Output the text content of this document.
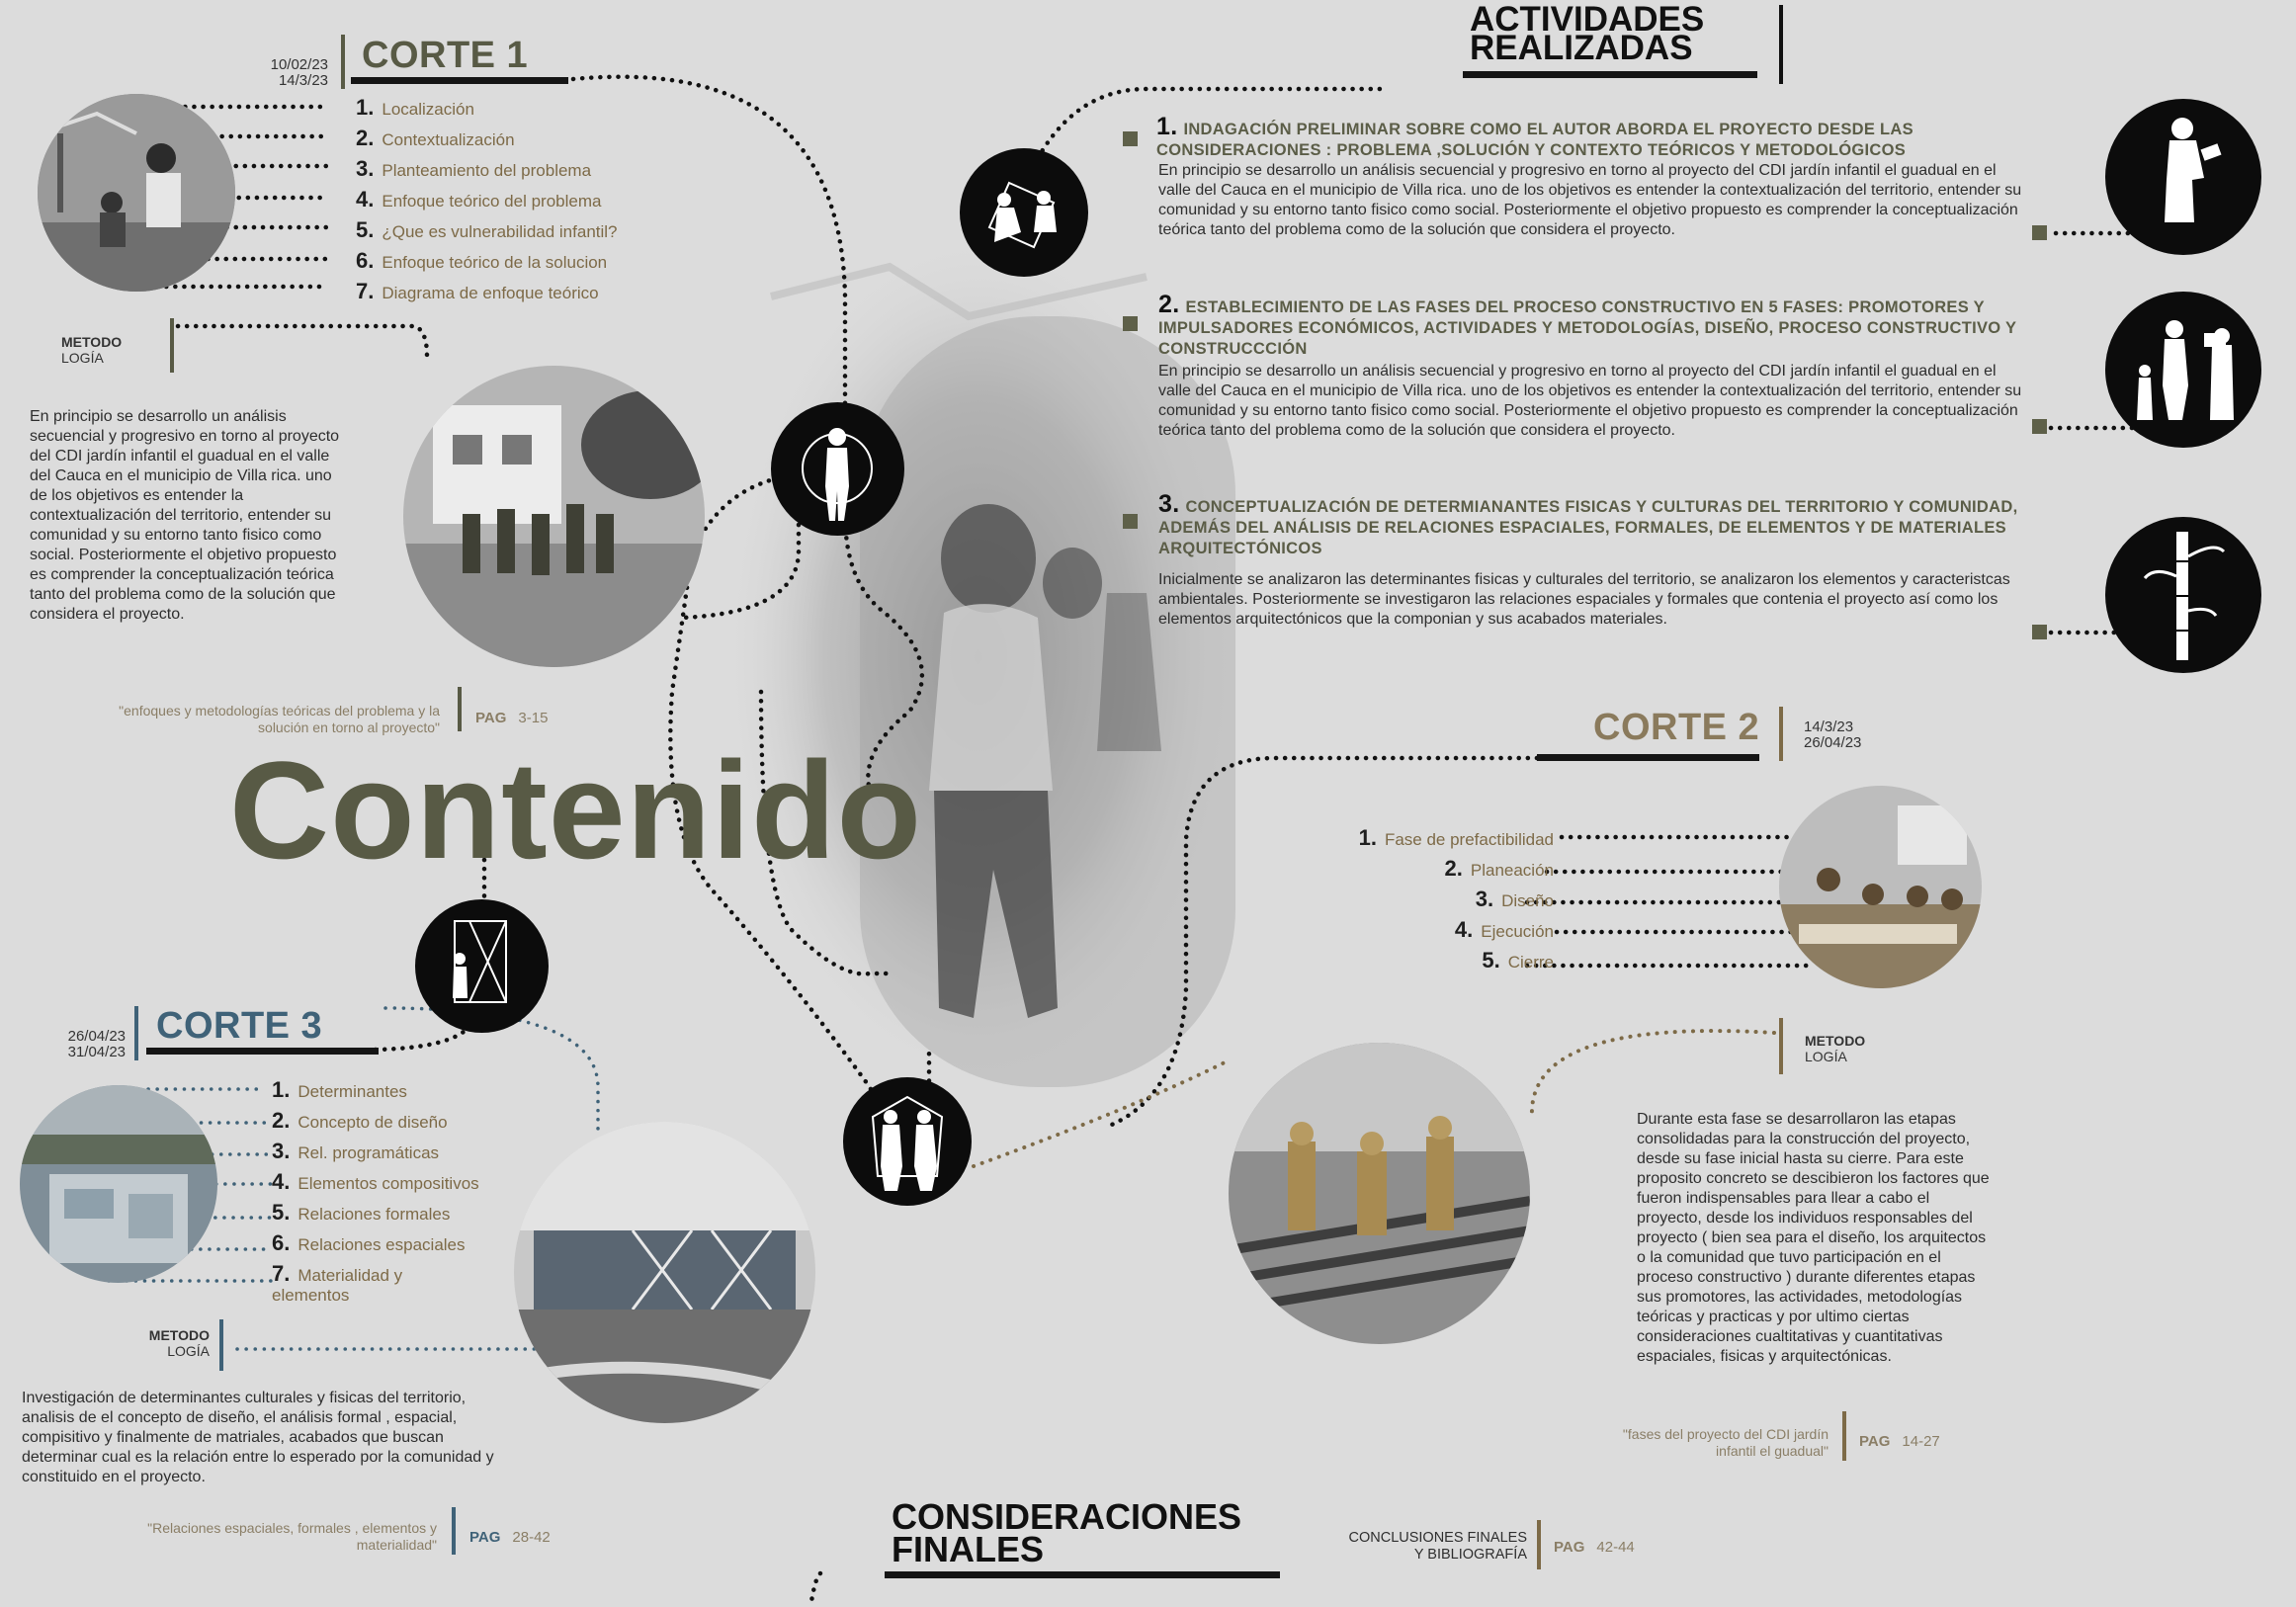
Contenido
10/02/23
14/3/23
CORTE 1
1. Localización
2. Contextualización
3. Planteamiento del problema
4. Enfoque teórico del problema
5. ¿Que es vulnerabilidad infantil?
6. Enfoque teórico de la solucion
7. Diagrama de enfoque teórico
METODO
LOGÍA
En principio se desarrollo un análisis secuencial y progresivo en torno al proyecto del CDI jardín infantil el guadual en el valle del Cauca en el municipio de Villa rica. uno de los objetivos es entender la contextualización del territorio, entender su comunidad y su entorno tanto fisico como social. Posteriormente el objetivo propuesto es comprender la conceptualización teórica tanto del problema como de la solución que considera el proyecto.
"enfoques y metodologías teóricas del problema y la solución en torno al proyecto"
PAG 3-15
ACTIVIDADES
REALIZADAS
1. INDAGACIÓN PRELIMINAR SOBRE COMO EL AUTOR ABORDA EL PROYECTO DESDE LAS CONSIDERACIONES : PROBLEMA ,SOLUCIÓN Y CONTEXTO TEÓRICOS Y METODOLÓGICOS
En principio se desarrollo un análisis secuencial y progresivo en torno al proyecto del CDI jardín infantil el guadual en el valle del Cauca en el municipio de Villa rica. uno de los objetivos es entender la contextualización del territorio, entender su comunidad y su entorno tanto fisico como social. Posteriormente el objetivo propuesto es comprender la conceptualización teórica tanto del problema como de la solución que considera el proyecto.
2. ESTABLECIMIENTO DE LAS FASES DEL PROCESO CONSTRUCTIVO EN 5 FASES: PROMOTORES Y IMPULSADORES ECONÓMICOS, ACTIVIDADES Y METODOLOGÍAS, DISEÑO, PROCESO CONSTRUCTIVO Y CONSTRUCCCIÓN
En principio se desarrollo un análisis secuencial y progresivo en torno al proyecto del CDI jardín infantil el guadual en el valle del Cauca en el municipio de Villa rica. uno de los objetivos es entender la contextualización del territorio, entender su comunidad y su entorno tanto fisico como social. Posteriormente el objetivo propuesto es comprender la conceptualización teórica tanto del problema como de la solución que considera el proyecto.
3. CONCEPTUALIZACIÓN DE DETERMIANANTES FISICAS Y CULTURAS DEL TERRITORIO Y COMUNIDAD, ADEMÁS DEL ANÁLISIS DE RELACIONES ESPACIALES, FORMALES, DE ELEMENTOS Y DE MATERIALES ARQUITECTÓNICOS
Inicialmente se analizaron las determinantes fisicas y culturales del territorio, se analizaron los elementos y caracteristcas ambientales. Posteriormente se investigaron las relaciones espaciales y formales que contenia el proyecto así como los elementos arquitectónicos que la componian y sus acabados materiales.
CORTE 2	14/3/23
26/04/23
1. Fase de prefactibilidad
2. Planeación
3. Diseño
4. Ejecución
5. Cierre
METODO
LOGÍA
Durante esta fase se desarrollaron las etapas consolidadas para la construcción del proyecto, desde su fase inicial hasta su cierre. Para este proposito concreto se descibieron los factores que fueron indispensables para llear a cabo el proyecto, desde los individuos responsables del proyecto ( bien sea para el diseño, los arquitectos o la comunidad que tuvo participación en el proceso constructivo ) durante diferentes etapas sus promotores, las actividades, metodologías teóricas y practicas y por ultimo ciertas consideraciones cualtitativas y cuantitativas espaciales, fisicas y arquitectónicas.
"fases del proyecto del CDI jardín infantil el guadual"
PAG 14-27
26/04/23
31/04/23
CORTE 3
1. Determinantes
2. Concepto de diseño
3. Rel. programáticas
4. Elementos compositivos
5. Relaciones formales
6. Relaciones espaciales
7. Materialidad y elementos
METODO
LOGÍA
Investigación de determinantes culturales y fisicas del territorio, analisis de el concepto de diseño, el análisis formal , espacial, compisitivo y finalmente de matriales, acabados que buscan determinar cual es la relación entre lo esperado por la comunidad y constituido en el proyecto.
"Relaciones espaciales, formales , elementos y materialidad" PAG 28-42
CONSIDERACIONES
FINALES	CONCLUSIONES FINALES
Y BIBLIOGRAFÍA PAG 42-44
